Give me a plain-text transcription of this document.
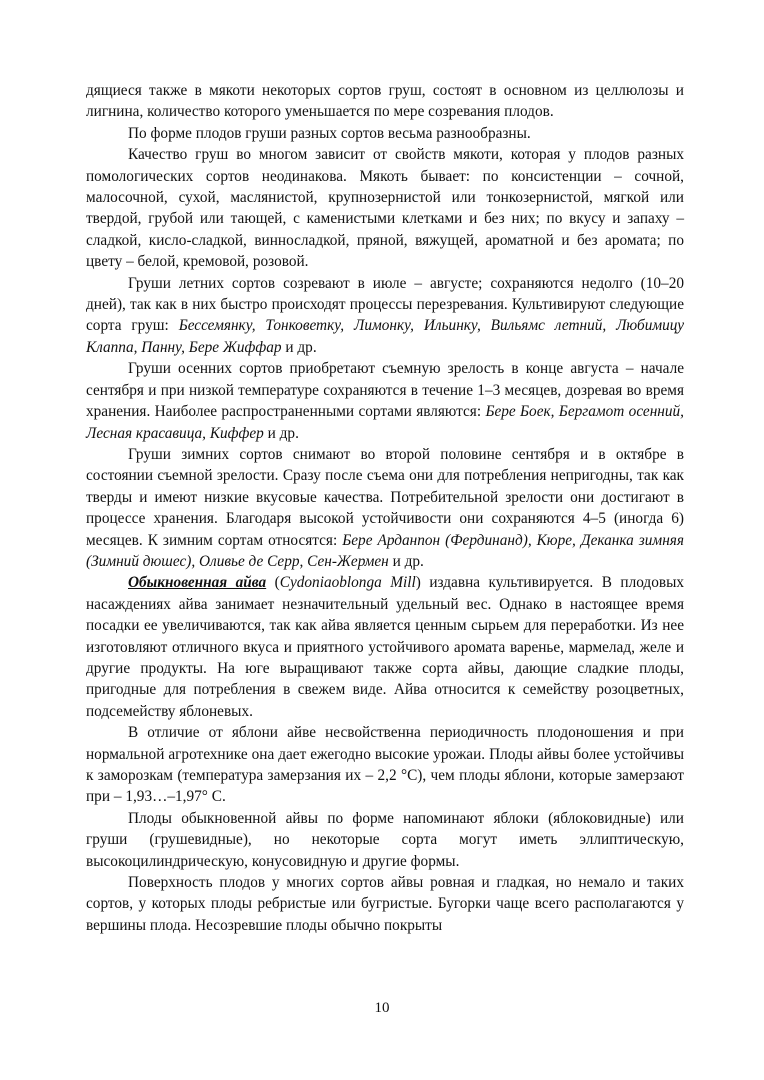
дящиеся также в мякоти некоторых сортов груш, состоят в основном из целлюлозы и лигнина, количество которого уменьшается по мере созревания плодов.

По форме плодов груши разных сортов весьма разнообразны.

Качество груш во многом зависит от свойств мякоти, которая у плодов разных помологических сортов неодинакова. Мякоть бывает: по консистенции – сочной, малосочной, сухой, маслянистой, крупнозернистой или тонкозернистой, мягкой или твердой, грубой или тающей, с каменистыми клетками и без них; по вкусу и запаху – сладкой, кисло-сладкой, винносладкой, пряной, вяжущей, ароматной и без аромата; по цвету – белой, кремовой, розовой.

Груши летних сортов созревают в июле – августе; сохраняются недолго (10–20 дней), так как в них быстро происходят процессы перезревания. Культивируют следующие сорта груш: Бессемянку, Тонковетку, Лимонку, Ильинку, Вильямс летний, Любимицу Клаппа, Панну, Бере Жиффар и др.

Груши осенних сортов приобретают съемную зрелость в конце августа – начале сентября и при низкой температуре сохраняются в течение 1–3 месяцев, дозревая во время хранения. Наиболее распространенными сортами являются: Бере Боек, Бергамот осенний, Лесная красавица, Киффер и др.

Груши зимних сортов снимают во второй половине сентября и в октябре в состоянии съемной зрелости. Сразу после съема они для потребления непригодны, так как тверды и имеют низкие вкусовые качества. Потребительной зрелости они достигают в процессе хранения. Благодаря высокой устойчивости они сохраняются 4–5 (иногда 6) месяцев. К зимним сортам относятся: Бере Арданпон (Фердинанд), Кюре, Деканка зимняя (Зимний дюшес), Оливье де Серр, Сен-Жермен и др.

Обыкновенная айва (Cydoniaoblonga Mill) издавна культивируется. В плодовых насаждениях айва занимает незначительный удельный вес. Однако в настоящее время посадки ее увеличиваются, так как айва является ценным сырьем для переработки. Из нее изготовляют отличного вкуса и приятного устойчивого аромата варенье, мармелад, желе и другие продукты. На юге выращивают также сорта айвы, дающие сладкие плоды, пригодные для потребления в свежем виде. Айва относится к семейству розоцветных, подсемейству яблоневых.

В отличие от яблони айве несвойственна периодичность плодоношения и при нормальной агротехнике она дает ежегодно высокие урожаи. Плоды айвы более устойчивы к заморозкам (температура замерзания их – 2,2 °С), чем плоды яблони, которые замерзают при – 1,93…–1,97° С.

Плоды обыкновенной айвы по форме напоминают яблоки (яблоковидные) или груши (грушевидные), но некоторые сорта могут иметь эллиптическую, высокоцилиндрическую, конусовидную и другие формы.

Поверхность плодов у многих сортов айвы ровная и гладкая, но немало и таких сортов, у которых плоды ребристые или бугристые. Бугорки чаще всего располагаются у вершины плода. Несозревшие плоды обычно покрыты

10
